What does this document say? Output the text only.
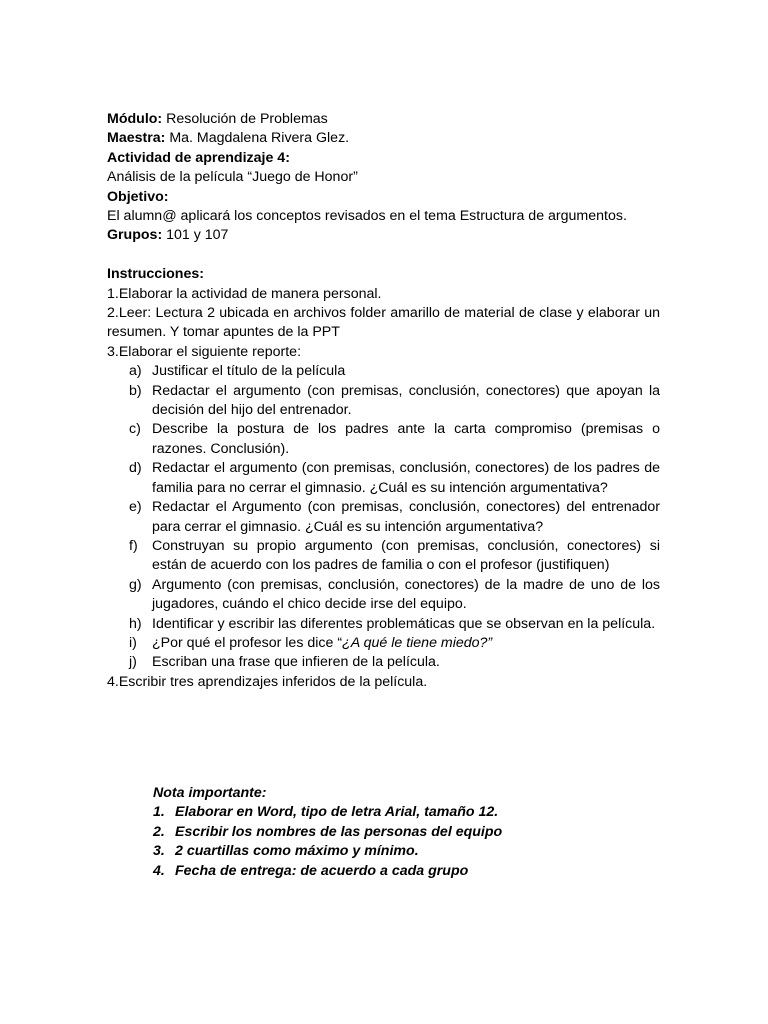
Módulo: Resolución de Problemas
Maestra: Ma. Magdalena Rivera Glez.
Actividad de aprendizaje 4:
Análisis de la película “Juego de Honor”
Objetivo:
El alumn@ aplicará los conceptos revisados en el tema Estructura de argumentos.
Grupos: 101 y 107
Instrucciones:
1.Elaborar la actividad de manera personal.
2.Leer: Lectura 2 ubicada en archivos folder amarillo de material de clase y elaborar un resumen. Y tomar apuntes de la PPT
3.Elaborar el siguiente reporte:
a) Justificar el título de la película
b) Redactar el argumento (con premisas, conclusión, conectores) que apoyan la decisión del hijo del entrenador.
c) Describe la postura de los padres ante la carta compromiso (premisas o razones. Conclusión).
d) Redactar el argumento (con premisas, conclusión, conectores) de los padres de familia para no cerrar el gimnasio. ¿Cuál es su intención argumentativa?
e) Redactar el Argumento (con premisas, conclusión, conectores) del entrenador para cerrar el gimnasio. ¿Cuál es su intención argumentativa?
f) Construyan su propio argumento (con premisas, conclusión, conectores) si están de acuerdo con los padres de familia o con el profesor (justifiquen)
g) Argumento (con premisas, conclusión, conectores) de la madre de uno de los jugadores, cuándo el chico decide irse del equipo.
h) Identificar y escribir las diferentes problemáticas que se observan en la película.
i) ¿Por qué el profesor les dice “¿A qué le tiene miedo?”
j) Escriban una frase que infieren de la película.
4.Escribir tres aprendizajes inferidos de la película.
Nota importante:
1. Elaborar en Word, tipo de letra Arial, tamaño 12.
2. Escribir los nombres de las personas del equipo
3. 2 cuartillas como máximo y mínimo.
4. Fecha de entrega: de acuerdo a cada grupo
